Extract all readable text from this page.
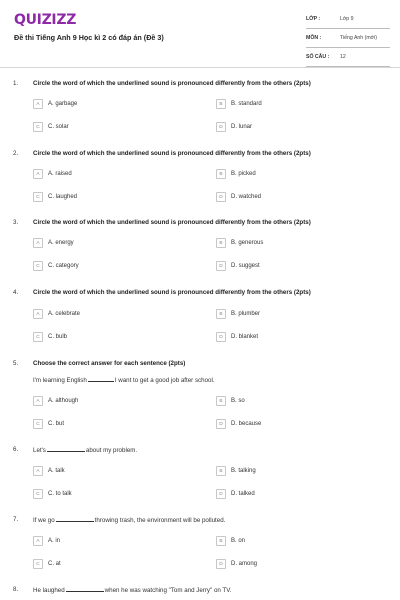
QUIZIZZ
Đề thi Tiếng Anh 9 Học kì 2 có đáp án (Đề 3)
LỚP :	Lớp 9
MÔN :	Tiếng Anh (mới)
SỐ CÂU : 12
1. Circle the word of which the underlined sound is pronounced differently from the others (2pts)
A	A. garbage	B	B. standard
C	C. solar	D	D. lunar
2. Circle the word of which the underlined sound is pronounced differently from the others (2pts)
A	A. raised	B	B. picked
C	C. laughed	D	D. watched
3. Circle the word of which the underlined sound is pronounced differently from the others (2pts)
A	A. energy	B	B. generous
C	C. category	D	D. suggest
4. Circle the word of which the underlined sound is pronounced differently from the others (2pts)
A	A. celebrate	B	B. plumber
C	C. bulb	D	D. blanket
5. Choose the correct answer for each sentence (2pts)
I'm learning English	I want to get a good job after school.
A	A. although	B	B. so
C	C. but	D	D. because
6. Let's	about my problem.
A	A. talk	B	B. talking
C	C. to talk	D	D. talked
7. If we go	throwing trash, the environment will be polluted.
A	A. in	B	B. on
C	C. at	D	D. among
8. He laughed	when he was watching "Tom and Jerry" on TV.
